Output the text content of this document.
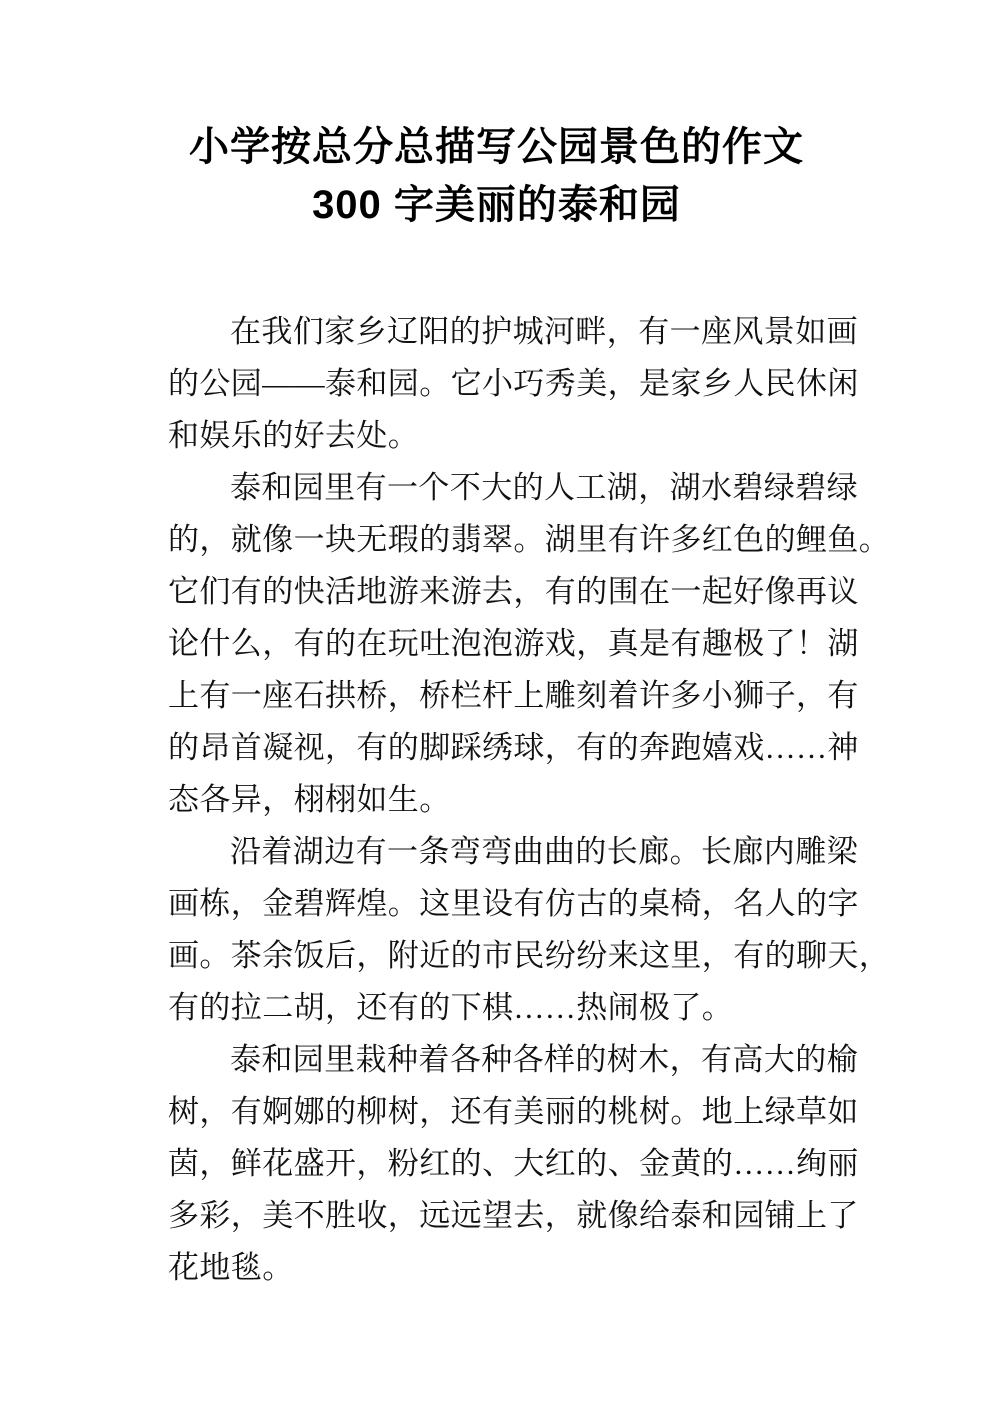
小学按总分总描写公园景色的作文
300 字美丽的泰和园
在我们家乡辽阳的护城河畔，有一座风景如画
的公园——泰和园。它小巧秀美，是家乡人民休闲
和娱乐的好去处。
泰和园里有一个不大的人工湖，湖水碧绿碧绿
的，就像一块无瑕的翡翠。湖里有许多红色的鲤鱼。
它们有的快活地游来游去，有的围在一起好像再议
论什么，有的在玩吐泡泡游戏，真是有趣极了！湖
上有一座石拱桥，桥栏杆上雕刻着许多小狮子，有
的昂首凝视，有的脚踩绣球，有的奔跑嬉戏……神
态各异，栩栩如生。
沿着湖边有一条弯弯曲曲的长廊。长廊内雕梁
画栋，金碧辉煌。这里设有仿古的桌椅，名人的字
画。茶余饭后，附近的市民纷纷来这里，有的聊天，
有的拉二胡，还有的下棋……热闹极了。
泰和园里栽种着各种各样的树木，有高大的榆
树，有婀娜的柳树，还有美丽的桃树。地上绿草如
茵，鲜花盛开，粉红的、大红的、金黄的……绚丽
多彩，美不胜收，远远望去，就像给泰和园铺上了
花地毯。
